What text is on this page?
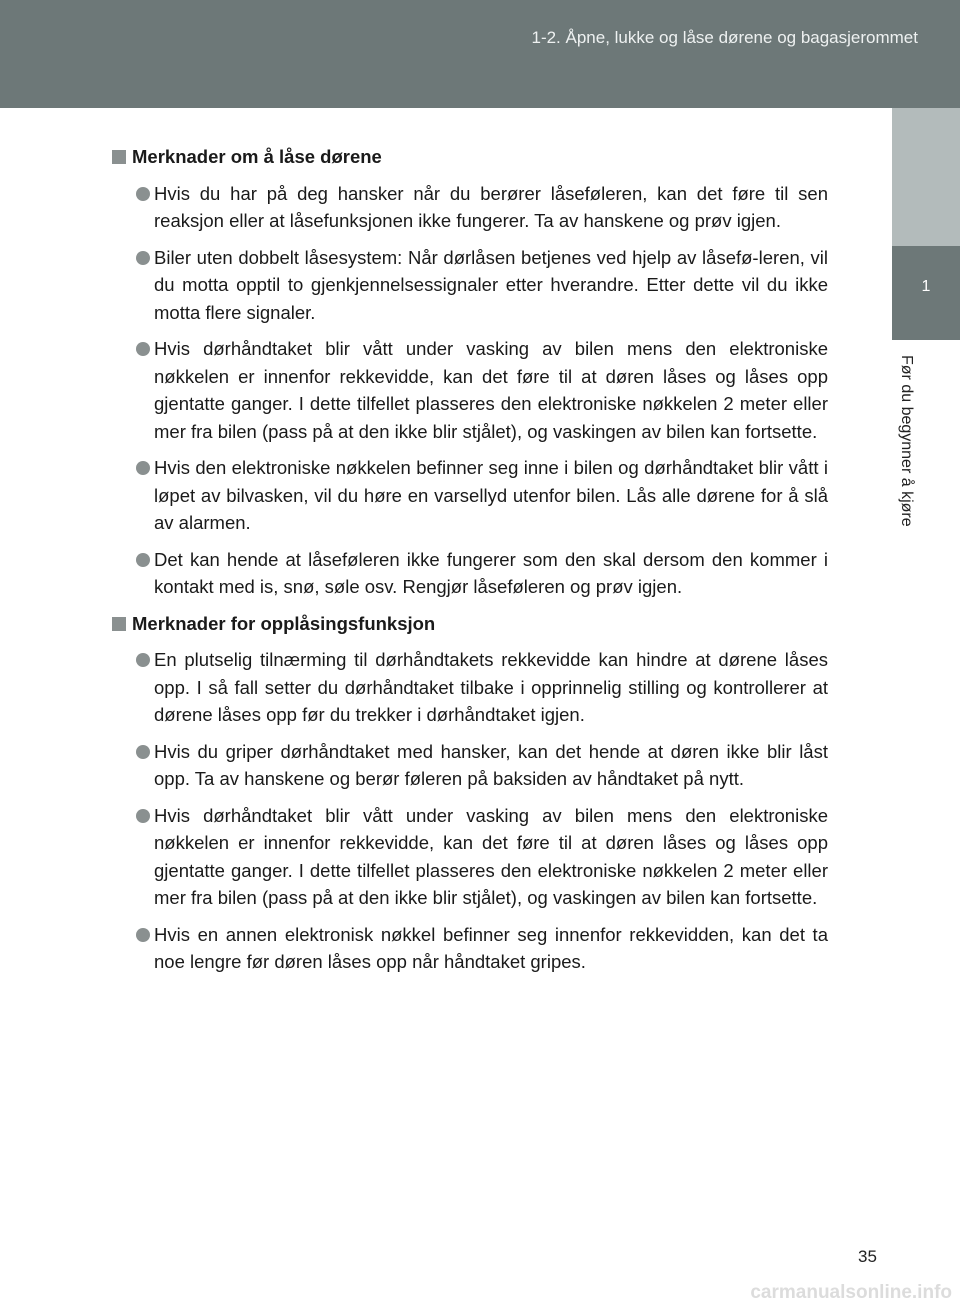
1-2. Åpne, lukke og låse dørene og bagasjerommet
1
Før du begynner å kjøre
Merknader om å låse dørene
Hvis du har på deg hansker når du berører låseføleren, kan det føre til sen reaksjon eller at låsefunksjonen ikke fungerer. Ta av hanskene og prøv igjen.
Biler uten dobbelt låsesystem: Når dørlåsen betjenes ved hjelp av låsefø-leren, vil du motta opptil to gjenkjennelsessignaler etter hverandre. Etter dette vil du ikke motta flere signaler.
Hvis dørhåndtaket blir vått under vasking av bilen mens den elektroniske nøkkelen er innenfor rekkevidde, kan det føre til at døren låses og låses opp gjentatte ganger. I dette tilfellet plasseres den elektroniske nøkkelen 2 meter eller mer fra bilen (pass på at den ikke blir stjålet), og vaskingen av bilen kan fortsette.
Hvis den elektroniske nøkkelen befinner seg inne i bilen og dørhåndtaket blir vått i løpet av bilvasken, vil du høre en varsellyd utenfor bilen. Lås alle dørene for å slå av alarmen.
Det kan hende at låseføleren ikke fungerer som den skal dersom den kommer i kontakt med is, snø, søle osv. Rengjør låseføleren og prøv igjen.
Merknader for opplåsingsfunksjon
En plutselig tilnærming til dørhåndtakets rekkevidde kan hindre at dørene låses opp. I så fall setter du dørhåndtaket tilbake i opprinnelig stilling og kontrollerer at dørene låses opp før du trekker i dørhåndtaket igjen.
Hvis du griper dørhåndtaket med hansker, kan det hende at døren ikke blir låst opp. Ta av hanskene og berør føleren på baksiden av håndtaket på nytt.
Hvis dørhåndtaket blir vått under vasking av bilen mens den elektroniske nøkkelen er innenfor rekkevidde, kan det føre til at døren låses og låses opp gjentatte ganger. I dette tilfellet plasseres den elektroniske nøkkelen 2 meter eller mer fra bilen (pass på at den ikke blir stjålet), og vaskingen av bilen kan fortsette.
Hvis en annen elektronisk nøkkel befinner seg innenfor rekkevidden, kan det ta noe lengre før døren låses opp når håndtaket gripes.
35
carmanualsonline.info
